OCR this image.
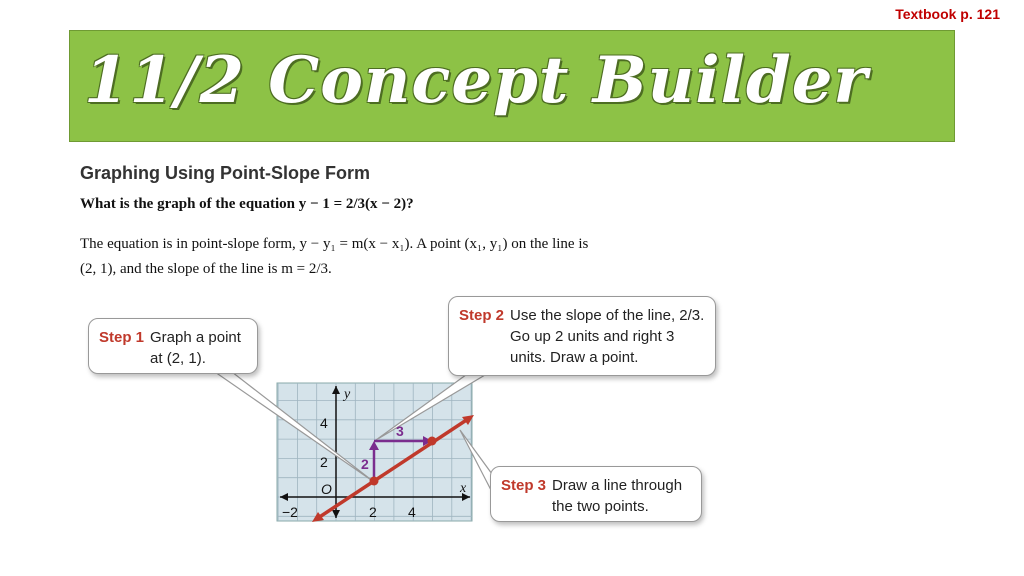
Textbook p. 121
11/2 Concept Builder
Graphing Using Point-Slope Form
What is the graph of the equation y − 1 = 2/3(x − 2)?
The equation is in point-slope form, y − y₁ = m(x − x₁). A point (x₁, y₁) on the line is
(2, 1), and the slope of the line is m = 2/3.
y
x
O
4
2
−2	2 4
2
3
Step 1 Graph a point at (2, 1).
Step 2 Use the slope of the line, 2/3. Go up 2 units and right 3 units. Draw a point.
Step 3 Draw a line through the two points.
